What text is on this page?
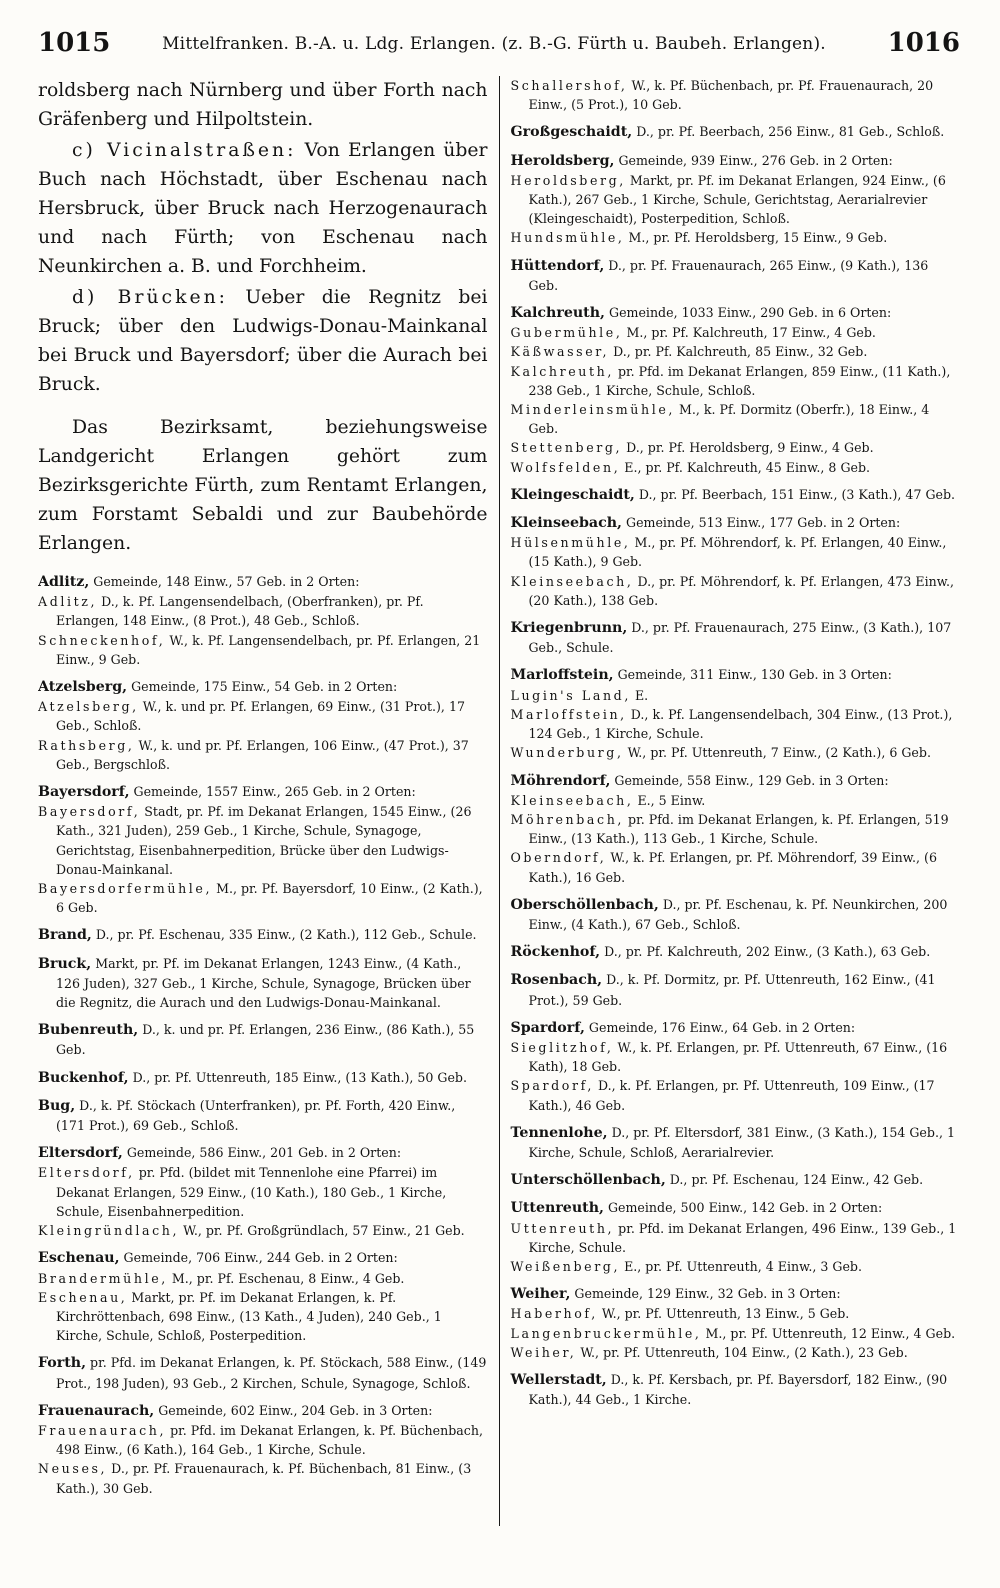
1015	Mittelfranken. B.-A. u. Ldg. Erlangen. (z. B.-G. Fürth u. Baubeh. Erlangen).	1016

roldsberg nach Nürnberg und über Forth nach Gräfenberg und Hilpoltstein.

c) Vicinalstraßen: Von Erlangen über Buch nach Höchstadt, über Eschenau nach Hersbruck, über Bruck nach Herzogenaurach und nach Fürth; von Eschenau nach Neunkirchen a. B. und Forchheim.

d) Brücken: Ueber die Regnitz bei Bruck; über den Ludwigs-Donau-Mainkanal bei Bruck und Bayersdorf; über die Aurach bei Bruck.

Das Bezirksamt, beziehungsweise Landgericht Erlangen gehört zum Bezirksgerichte Fürth, zum Rentamt Erlangen, zum Forstamt Sebaldi und zur Baubehörde Erlangen.

Adlitz, Gemeinde, 148 Einw., 57 Geb. in 2 Orten:
Adlitz, D., k. Pf. Langensendelbach, (Oberfranken), pr. Pf. Erlangen, 148 Einw., (8 Prot.), 48 Geb., Schloß.
Schneckenhof, W., k. Pf. Langensendelbach, pr. Pf. Erlangen, 21 Einw., 9 Geb.
Atzelsberg, Gemeinde, 175 Einw., 54 Geb. in 2 Orten:
Atzelsberg, W., k. und pr. Pf. Erlangen, 69 Einw., (31 Prot.), 17 Geb., Schloß.
Rathsberg, W., k. und pr. Pf. Erlangen, 106 Einw., (47 Prot.), 37 Geb., Bergschloß.
Bayersdorf, Gemeinde, 1557 Einw., 265 Geb. in 2 Orten:
Bayersdorf, Stadt, pr. Pf. im Dekanat Erlangen, 1545 Einw., (26 Kath., 321 Juden), 259 Geb., 1 Kirche, Schule, Synagoge, Gerichtstag, Eisenbahnerpedition, Brücke über den Ludwigs-Donau-Mainkanal.
Bayersdorfermühle, M., pr. Pf. Bayersdorf, 10 Einw., (2 Kath.), 6 Geb.
Brand, D., pr. Pf. Eschenau, 335 Einw., (2 Kath.), 112 Geb., Schule.
Bruck, Markt, pr. Pf. im Dekanat Erlangen, 1243 Einw., (4 Kath., 126 Juden), 327 Geb., 1 Kirche, Schule, Synagoge, Brücken über die Regnitz, die Aurach und den Ludwigs-Donau-Mainkanal.
Bubenreuth, D., k. und pr. Pf. Erlangen, 236 Einw., (86 Kath.), 55 Geb.
Buckenhof, D., pr. Pf. Uttenreuth, 185 Einw., (13 Kath.), 50 Geb.
Bug, D., k. Pf. Stöckach (Unterfranken), pr. Pf. Forth, 420 Einw., (171 Prot.), 69 Geb., Schloß.
Eltersdorf, Gemeinde, 586 Einw., 201 Geb. in 2 Orten:
Eltersdorf, pr. Pfd. (bildet mit Tennenlohe eine Pfarrei) im Dekanat Erlangen, 529 Einw., (10 Kath.), 180 Geb., 1 Kirche, Schule, Eisenbahnerpedition.
Kleingründlach, W., pr. Pf. Großgründlach, 57 Einw., 21 Geb.
Eschenau, Gemeinde, 706 Einw., 244 Geb. in 2 Orten:
Brandermühle, M., pr. Pf. Eschenau, 8 Einw., 4 Geb.
Eschenau, Markt, pr. Pf. im Dekanat Erlangen, k. Pf. Kirchröttenbach, 698 Einw., (13 Kath., 4 Juden), 240 Geb., 1 Kirche, Schule, Schloß, Posterpedition.
Forth, pr. Pfd. im Dekanat Erlangen, k. Pf. Stöckach, 588 Einw., (149 Prot., 198 Juden), 93 Geb., 2 Kirchen, Schule, Synagoge, Schloß.
Frauenaurach, Gemeinde, 602 Einw., 204 Geb. in 3 Orten:
Frauenaurach, pr. Pfd. im Dekanat Erlangen, k. Pf. Büchenbach, 498 Einw., (6 Kath.), 164 Geb., 1 Kirche, Schule.
Neuses, D., pr. Pf. Frauenaurach, k. Pf. Büchenbach, 81 Einw., (3 Kath.), 30 Geb.
Schallershof, W., k. Pf. Büchenbach, pr. Pf. Frauenaurach, 20 Einw., (5 Prot.), 10 Geb.
Großgeschaidt, D., pr. Pf. Beerbach, 256 Einw., 81 Geb., Schloß.
Heroldsberg, Gemeinde, 939 Einw., 276 Geb. in 2 Orten:
Heroldsberg, Markt, pr. Pf. im Dekanat Erlangen, 924 Einw., (6 Kath.), 267 Geb., 1 Kirche, Schule, Gerichtstag, Aerarialrevier (Kleingeschaidt), Posterpedition, Schloß.
Hundsmühle, M., pr. Pf. Heroldsberg, 15 Einw., 9 Geb.
Hüttendorf, D., pr. Pf. Frauenaurach, 265 Einw., (9 Kath.), 136 Geb.
Kalchreuth, Gemeinde, 1033 Einw., 290 Geb. in 6 Orten:
Gubermühle, M., pr. Pf. Kalchreuth, 17 Einw., 4 Geb.
Käßwasser, D., pr. Pf. Kalchreuth, 85 Einw., 32 Geb.
Kalchreuth, pr. Pfd. im Dekanat Erlangen, 859 Einw., (11 Kath.), 238 Geb., 1 Kirche, Schule, Schloß.
Minderleinsmühle, M., k. Pf. Dormitz (Oberfr.), 18 Einw., 4 Geb.
Stettenberg, D., pr. Pf. Heroldsberg, 9 Einw., 4 Geb.
Wolfsfelden, E., pr. Pf. Kalchreuth, 45 Einw., 8 Geb.
Kleingeschaidt, D., pr. Pf. Beerbach, 151 Einw., (3 Kath.), 47 Geb.
Kleinseebach, Gemeinde, 513 Einw., 177 Geb. in 2 Orten:
Hülsenmühle, M., pr. Pf. Möhrendorf, k. Pf. Erlangen, 40 Einw., (15 Kath.), 9 Geb.
Kleinseebach, D., pr. Pf. Möhrendorf, k. Pf. Erlangen, 473 Einw., (20 Kath.), 138 Geb.
Kriegenbrunn, D., pr. Pf. Frauenaurach, 275 Einw., (3 Kath.), 107 Geb., Schule.
Marloffstein, Gemeinde, 311 Einw., 130 Geb. in 3 Orten:
Lugin's Land, E.
Marloffstein, D., k. Pf. Langensendelbach, 304 Einw., (13 Prot.), 124 Geb., 1 Kirche, Schule.
Wunderburg, W., pr. Pf. Uttenreuth, 7 Einw., (2 Kath.), 6 Geb.
Möhrendorf, Gemeinde, 558 Einw., 129 Geb. in 3 Orten:
Kleinseebach, E., 5 Einw.
Möhrenbach, pr. Pfd. im Dekanat Erlangen, k. Pf. Erlangen, 519 Einw., (13 Kath.), 113 Geb., 1 Kirche, Schule.
Oberndorf, W., k. Pf. Erlangen, pr. Pf. Möhrendorf, 39 Einw., (6 Kath.), 16 Geb.
Oberschöllenbach, D., pr. Pf. Eschenau, k. Pf. Neunkirchen, 200 Einw., (4 Kath.), 67 Geb., Schloß.
Röckenhof, D., pr. Pf. Kalchreuth, 202 Einw., (3 Kath.), 63 Geb.
Rosenbach, D., k. Pf. Dormitz, pr. Pf. Uttenreuth, 162 Einw., (41 Prot.), 59 Geb.
Spardorf, Gemeinde, 176 Einw., 64 Geb. in 2 Orten:
Sieglitzhof, W., k. Pf. Erlangen, pr. Pf. Uttenreuth, 67 Einw., (16 Kath), 18 Geb.
Spardorf, D., k. Pf. Erlangen, pr. Pf. Uttenreuth, 109 Einw., (17 Kath.), 46 Geb.
Tennenlohe, D., pr. Pf. Eltersdorf, 381 Einw., (3 Kath.), 154 Geb., 1 Kirche, Schule, Schloß, Aerarialrevier.
Unterschöllenbach, D., pr. Pf. Eschenau, 124 Einw., 42 Geb.
Uttenreuth, Gemeinde, 500 Einw., 142 Geb. in 2 Orten:
Uttenreuth, pr. Pfd. im Dekanat Erlangen, 496 Einw., 139 Geb., 1 Kirche, Schule.
Weißenberg, E., pr. Pf. Uttenreuth, 4 Einw., 3 Geb.
Weiher, Gemeinde, 129 Einw., 32 Geb. in 3 Orten:
Haberhof, W., pr. Pf. Uttenreuth, 13 Einw., 5 Geb.
Langenbruckermühle, M., pr. Pf. Uttenreuth, 12 Einw., 4 Geb.
Weiher, W., pr. Pf. Uttenreuth, 104 Einw., (2 Kath.), 23 Geb.
Wellerstadt, D., k. Pf. Kersbach, pr. Pf. Bayersdorf, 182 Einw., (90 Kath.), 44 Geb., 1 Kirche.
